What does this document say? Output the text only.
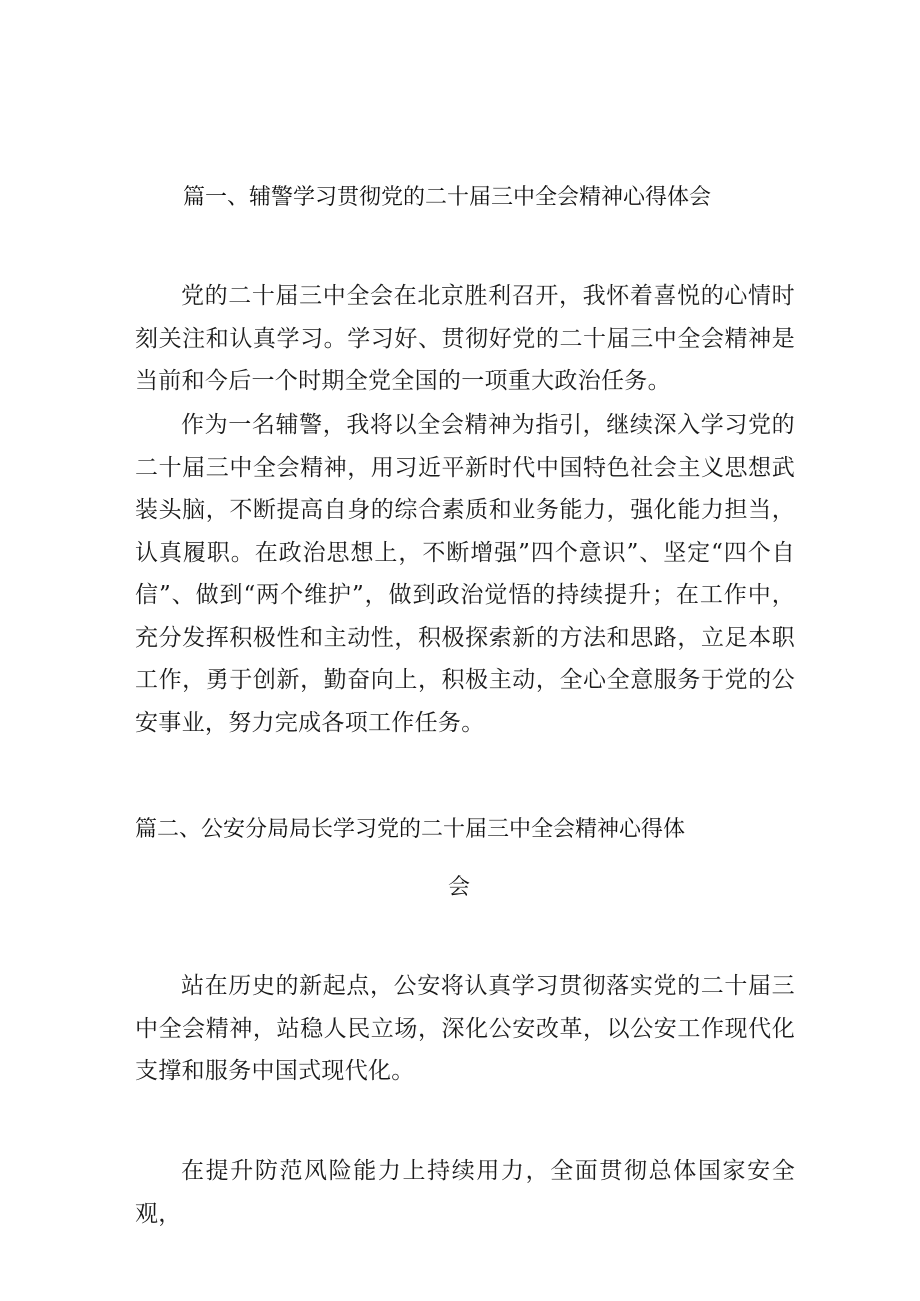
篇一、辅警学习贯彻党的二十届三中全会精神心得体会

党的二十届三中全会在北京胜利召开，我怀着喜悦的心情时刻关注和认真学习。学习好、贯彻好党的二十届三中全会精神是当前和今后一个时期全党全国的一项重大政治任务。

作为一名辅警，我将以全会精神为指引，继续深入学习党的二十届三中全会精神，用习近平新时代中国特色社会主义思想武装头脑，不断提高自身的综合素质和业务能力，强化能力担当，认真履职。在政治思想上，不断增强”四个意识”、坚定“四个自信”、做到“两个维护”，做到政治觉悟的持续提升；在工作中，充分发挥积极性和主动性，积极探索新的方法和思路，立足本职工作，勇于创新，勤奋向上，积极主动，全心全意服务于党的公安事业，努力完成各项工作任务。

篇二、公安分局局长学习党的二十届三中全会精神心得体
会

站在历史的新起点，公安将认真学习贯彻落实党的二十届三中全会精神，站稳人民立场，深化公安改革，以公安工作现代化支撑和服务中国式现代化。

在提升防范风险能力上持续用力，全面贯彻总体国家安全观，
